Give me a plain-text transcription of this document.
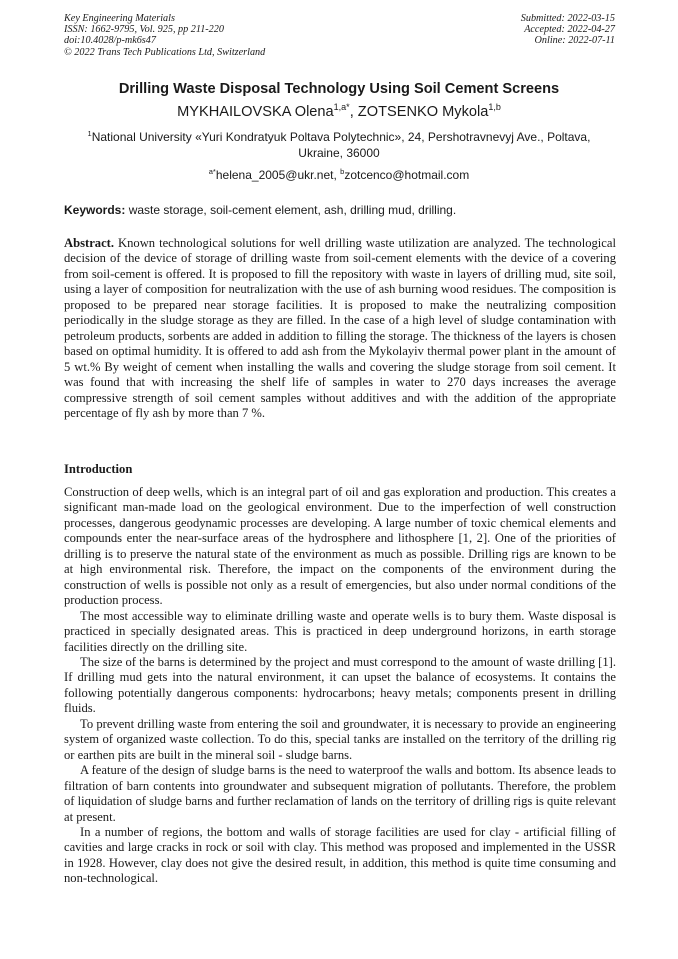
Key Engineering Materials
ISSN: 1662-9795, Vol. 925, pp 211-220
doi:10.4028/p-mk6s47
© 2022 Trans Tech Publications Ltd, Switzerland
Submitted: 2022-03-15
Accepted: 2022-04-27
Online: 2022-07-11
Drilling Waste Disposal Technology Using Soil Cement Screens
MYKHAILOVSKA Olena$^{1,a*}$, ZOTSENKO Mykola$^{1,b}$
$^1$National University «Yuri Kondratyuk Poltava Polytechnic», 24, Pershotravnevyj Ave., Poltava, Ukraine, 36000
$^{a*}$helena_2005@ukr.net, $^b$zotcenco@hotmail.com
Keywords: waste storage, soil-cement element, ash, drilling mud, drilling.
Abstract. Known technological solutions for well drilling waste utilization are analyzed. The technological decision of the device of storage of drilling waste from soil-cement elements with the device of a covering from soil-cement is offered. It is proposed to fill the repository with waste in layers of drilling mud, site soil, using a layer of composition for neutralization with the use of ash burning wood residues. The composition is proposed to be prepared near storage facilities. It is proposed to make the neutralizing composition periodically in the sludge storage as they are filled. In the case of a high level of sludge contamination with petroleum products, sorbents are added in addition to filling the storage. The thickness of the layers is chosen based on optimal humidity. It is offered to add ash from the Mykolayiv thermal power plant in the amount of 5 wt.% By weight of cement when installing the walls and covering the sludge storage from soil cement. It was found that with increasing the shelf life of samples in water to 270 days increases the average compressive strength of soil cement samples without additives and with the addition of the appropriate percentage of fly ash by more than 7 %.
Introduction

Construction of deep wells, which is an integral part of oil and gas exploration and production. This creates a significant man-made load on the geological environment. Due to the imperfection of well construction processes, dangerous geodynamic processes are developing. A large number of toxic chemical elements and compounds enter the near-surface areas of the hydrosphere and lithosphere [1, 2]. One of the priorities of drilling is to preserve the natural state of the environment as much as possible. Drilling rigs are known to be at high environmental risk. Therefore, the impact on the components of the environment during the construction of wells is possible not only as a result of emergencies, but also under normal conditions of the production process.

The most accessible way to eliminate drilling waste and operate wells is to bury them. Waste disposal is practiced in specially designated areas. This is practiced in deep underground horizons, in earth storage facilities directly on the drilling site.

The size of the barns is determined by the project and must correspond to the amount of waste drilling [1]. If drilling mud gets into the natural environment, it can upset the balance of ecosystems. It contains the following potentially dangerous components: hydrocarbons; heavy metals; components present in drilling fluids.

To prevent drilling waste from entering the soil and groundwater, it is necessary to provide an engineering system of organized waste collection. To do this, special tanks are installed on the territory of the drilling rig or earthen pits are built in the mineral soil - sludge barns.

A feature of the design of sludge barns is the need to waterproof the walls and bottom. Its absence leads to filtration of barn contents into groundwater and subsequent migration of pollutants. Therefore, the problem of liquidation of sludge barns and further reclamation of lands on the territory of drilling rigs is quite relevant at present.

In a number of regions, the bottom and walls of storage facilities are used for clay - artificial filling of cavities and large cracks in rock or soil with clay. This method was proposed and implemented in the USSR in 1928. However, clay does not give the desired result, in addition, this method is quite time consuming and non-technological.
